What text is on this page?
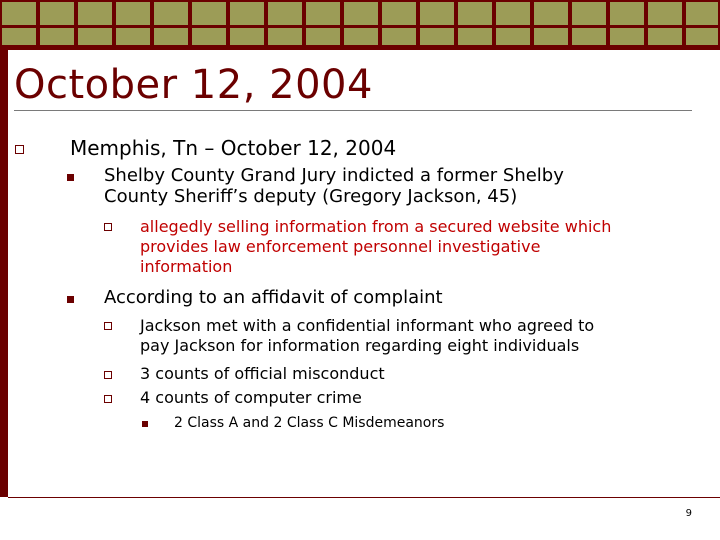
October 12, 2004

Memphis, Tn – October 12, 2004

Shelby County Grand Jury indicted a former Shelby
County Sheriff’s deputy (Gregory Jackson, 45)

allegedly selling information from a secured website which
provides law enforcement personnel investigative
information

According to an affidavit of complaint

Jackson met with a confidential informant who agreed to
pay Jackson for information regarding eight individuals

3 counts of official misconduct

4 counts of computer crime

2 Class A and 2 Class C Misdemeanors

9
